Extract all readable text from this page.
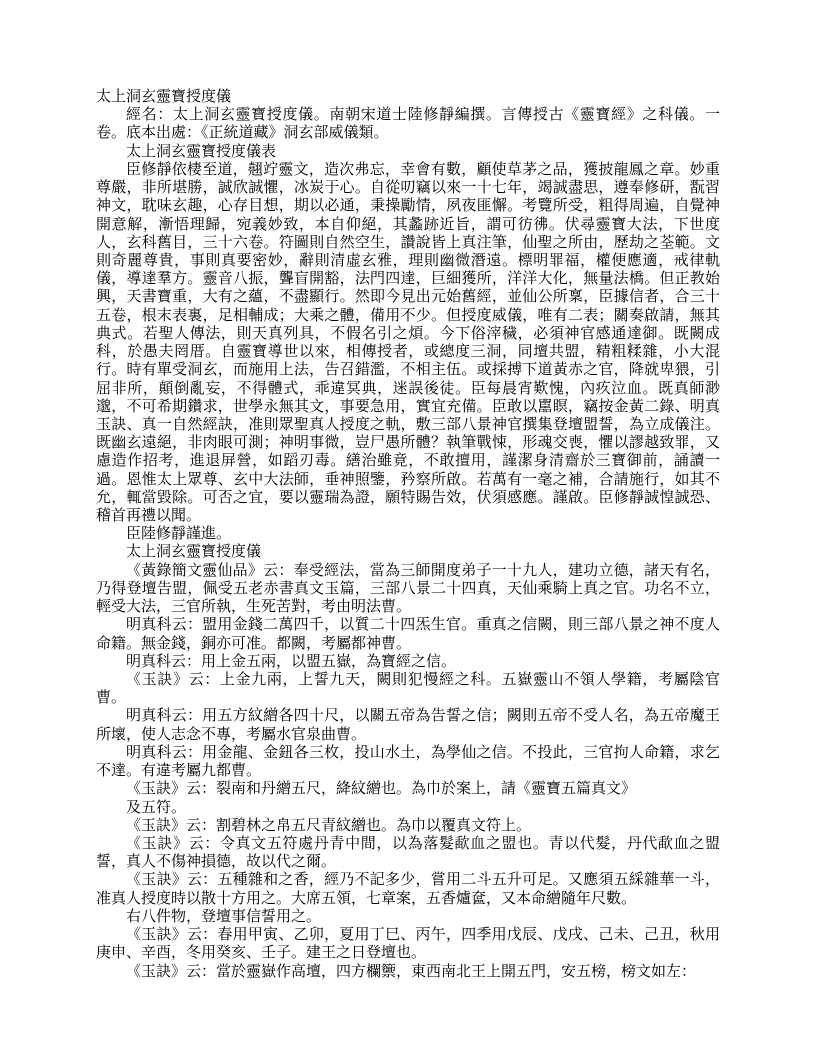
太上洞玄靈寶授度儀

經名：太上洞玄靈寶授度儀。南朝宋道士陸修靜編撰。言傳授古《靈寶經》之科儀。一卷。底本出處：《正統道藏》洞玄部威儀類。

太上洞玄靈寶授度儀表

臣修靜依棲至道，翹竚靈文，造次弗忘，幸會有數，顧使草茅之品，獲披龍鳳之章。妙重尊嚴，非所堪勝，誠欣誠懼，冰炭于心。自從叨竊以來一十七年，竭誠盡思，遵奉修研，翫習神文，耽味玄趣，心存目想，期以必通，秉操勵情，夙夜匪懈。考覽所受，粗得周遍，自覺神開意解，漸悟理歸，宛義妙致，本自仰絕，其蠡跡近旨，謂可彷彿。伏尋靈寶大法，下世度人，玄科舊目，三十六卷。符圖則自然空生，讚說皆上真注筆，仙聖之所由，歷劫之荃範。文則奇麗尊貴，事則真要密妙，辭則清虛玄雅，理則幽微潛遠。標明罪福，權便應適，戒律軌儀，導達羣方。靈音八振，聾盲開豁，法門四達，巨細獲所，洋洋大化，無量法橋。但正教始興，天書寶重，大有之蘊，不盡顯行。然即今見出元始舊經，並仙公所稟，臣據信者，合三十五卷，根末表裏，足相輔成；大乘之體，備用不少。但授度威儀，唯有二表；關奏啟請，無其典式。若聖人傳法，則天真列具，不假名引之煩。今下俗滓穢，必須神官感通達御。既闕成科，於愚夫罔厝。自靈寶導世以來，相傳授者，或總度三洞，同壇共盟，精粗糅雜，小大混行。時有單受洞玄，而施用上法，告召錯濫，不相主伍。或採搏下道黃赤之官，降就卑猥，引屈非所，顛倒亂妄，不得體式，乖違冥典，迷誤後徒。臣每晨宵歎愧，內疚泣血。既真師渺邈，不可希期鑽求，世學永無其文，事要急用，實宜充備。臣敢以嚚瞑，竊按金黃二錄、明真玉訣、真一自然經訣，准則眾聖真人授度之軌，敷三部八景神官撰集登壇盟誓，為立成儀注。既幽玄遠絕，非肉眼可測；神明事微，豈尸愚所體？執筆戰悚，形魂交喪，懼以謬越致罪，又慮造作招考，進退屏營，如蹈刃毒。繕治雖竟，不敢擅用，謹潔身清齋於三寶御前，誦讀一過。恩惟太上眾尊、玄中大法師，垂神照鑒，矜察所啟。若萬有一毫之補，合請施行，如其不允，輒當毀除。可否之宜，要以靈瑞為證，願特賜告效，伏須感應。謹啟。臣修靜誠惶誠恐、稽首再禮以聞。

臣陸修靜謹進。

太上洞玄靈寶授度儀

《黃錄簡文靈仙品》云：奉受經法，當為三師開度弟子一十九人，建功立德，諸天有名，乃得登壇告盟，佩受五老赤書真文玉篇，三部八景二十四真，天仙乘騎上真之官。功名不立，輕受大法，三官所執，生死苦對，考由明法曹。

明真科云：盟用金錢二萬四千，以質二十四炁生官。重真之信闕，則三部八景之神不度人命籍。無金錢，銅亦可准。都闕，考屬都神曹。

明真科云：用上金五兩，以盟五嶽，為寶經之信。

《玉訣》云：上金九兩，上誓九天，闕則犯慢經之科。五嶽靈山不領人學籍，考屬陰官曹。

明真科云：用五方紋繒各四十尺，以關五帝為告誓之信；闕則五帝不受人名，為五帝魔王所壞，使人志念不專，考屬水官泉曲曹。

明真科云：用金龍、金鈕各三枚，投山水土，為學仙之信。不投此，三官拘人命籍，求乞不達。有違考屬九都曹。

《玉訣》云：裂南和丹繒五尺，絳紋繒也。為巾於案上，請《靈寶五篇真文》

及五符。

《玉訣》云：割碧林之帛五尺青紋繒也。為巾以覆真文符上。

《玉訣》云：令真文五符處丹青中間，以為落髮歃血之盟也。青以代髮，丹代歃血之盟誓，真人不傷神損德，故以代之爾。

《玉訣》云：五種雜和之香，經乃不記多少，嘗用二斗五升可足。又應須五綵雜華一斗，准真人授度時以散十方用之。大席五領，七章案，五香爐奩，又本命繒隨年尺數。

右八件物，登壇事信誓用之。

《玉訣》云：春用甲寅、乙卯，夏用丁巳、丙午，四季用戊辰、戊戌、己未、己丑，秋用庚申、辛酉，冬用癸亥、壬子。建王之日登壇也。

《玉訣》云：當於靈嶽作高壇，四方欄籞，東西南北王上開五門，安五榜，榜文如左：
